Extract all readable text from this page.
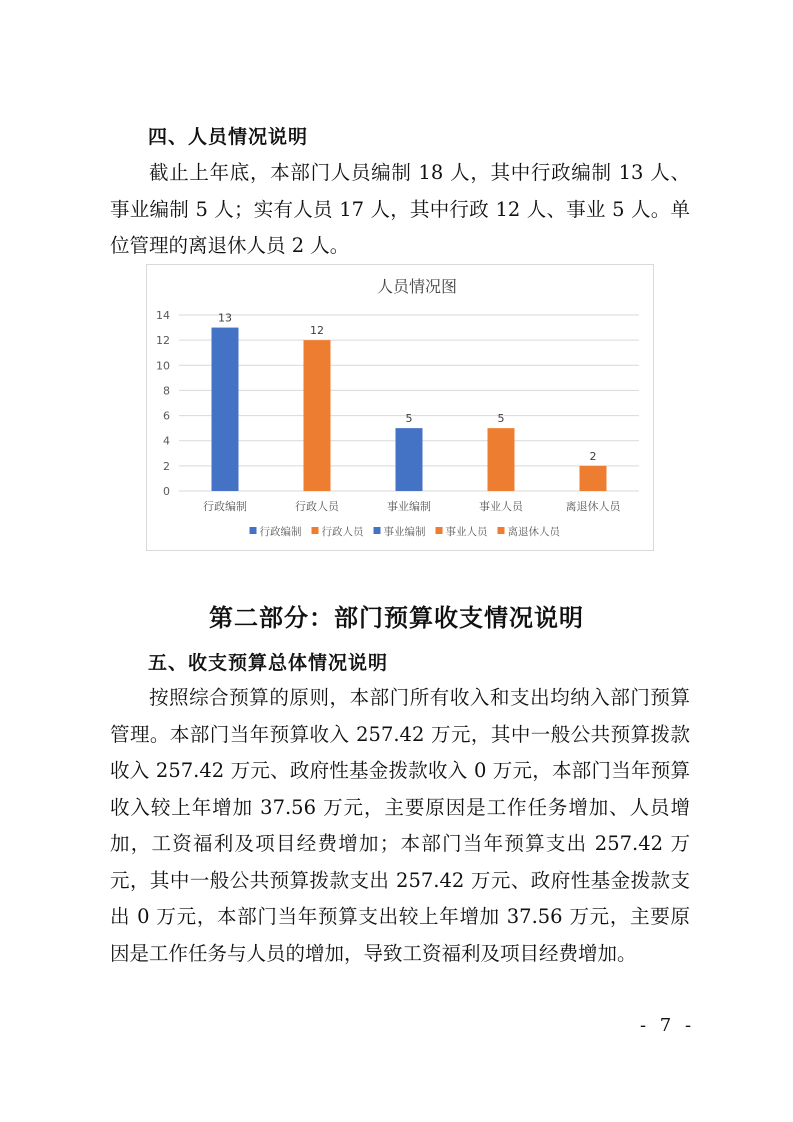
四、人员情况说明

截止上年底，本部门人员编制 18 人，其中行政编制 13 人、事业编制 5 人；实有人员 17 人，其中行政 12 人、事业 5 人。单位管理的离退休人员 2 人。

人员情况图
0
2
4
6
8
10
12
14	13
行政编制
12
行政人员
5
事业编制
5
事业人员
2
离退休人员
行政编制 行政人员 事业编制 事业人员 离退休人员
第二部分：部门预算收支情况说明
五、收支预算总体情况说明

按照综合预算的原则，本部门所有收入和支出均纳入部门预算管理。本部门当年预算收入 257.42 万元，其中一般公共预算拨款收入 257.42 万元、政府性基金拨款收入 0 万元，本部门当年预算收入较上年增加 37.56 万元，主要原因是工作任务增加、人员增加，工资福利及项目经费增加；本部门当年预算支出 257.42 万元，其中一般公共预算拨款支出 257.42 万元、政府性基金拨款支出 0 万元，本部门当年预算支出较上年增加 37.56 万元，主要原因是工作任务与人员的增加，导致工资福利及项目经费增加。

- 7 -
